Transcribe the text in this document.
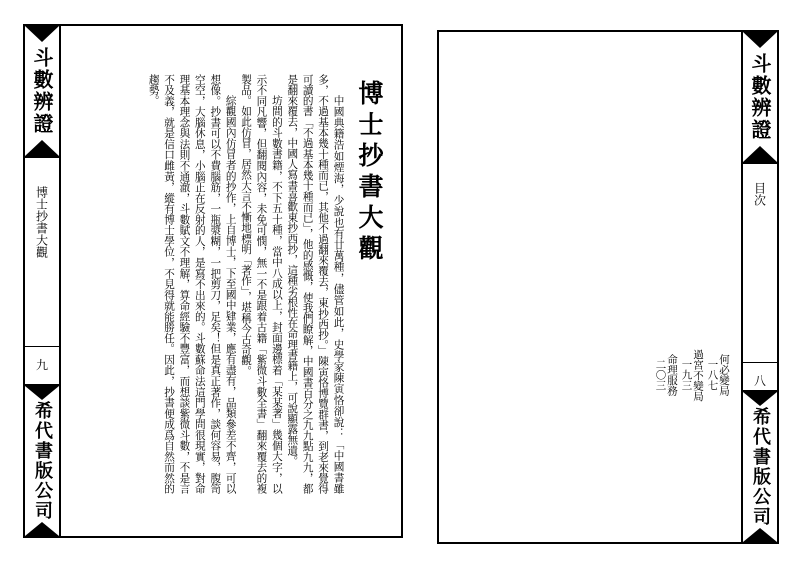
何必變局
一八七
過宮不變局
一九三
命理服務
二〇三
斗數辨證
目次
八
希代書版公司
斗數辨證
博士抄書大觀
九
希代書版公司
博士抄書大觀

中國典籍浩如煙海，少說也有廿萬種，儘管如此，史學家陳寅恪卻說：「中國書雖多，不過基本幾十種而已，其他不過翻來覆去，東抄西抄。」陳寅恪博覽群書，到老來覺得可讀的書「不過基本幾十種而已」，他的感慨，使我們瞭解，中國書百分之九九點九九，都是翻來覆去，中國人寫書喜歡東抄西抄，這種劣根性在命理書籍上，可說顯露無遺。

坊間的斗數書籍，不下五十種，當中八成以上，封面邊標着「某某著」幾個大字，以示不同凡響，但翻閱內容，未免可憫，無一不是跟着古籍「紫微斗數全書」翻來覆去的複製品。如此仿冒，居然大言不慚地標明「著作」，堪稱今古奇觀。

綜觀國內仿冒者的抄作，上自博士，下至國中肄業，應有盡有，品類參差不齊，可以想像。抄書可以不費腦筋，一瓶漿糊，一把剪刀，足矣！但是真正著作，談何容易，腹笥空空，大腦休息，小腦正在反射的人，是寫不出來的。斗數蘇命法這門學問很現實，對命理基本理念與法則不通澈，斗數賦文不理解，算命經驗不豐富，而想談紫微斗數，不是言不及義，就是信口雌黃，縱有博士學位，不見得就能勝任。因此，抄書便成爲自然而然的趨勢。
